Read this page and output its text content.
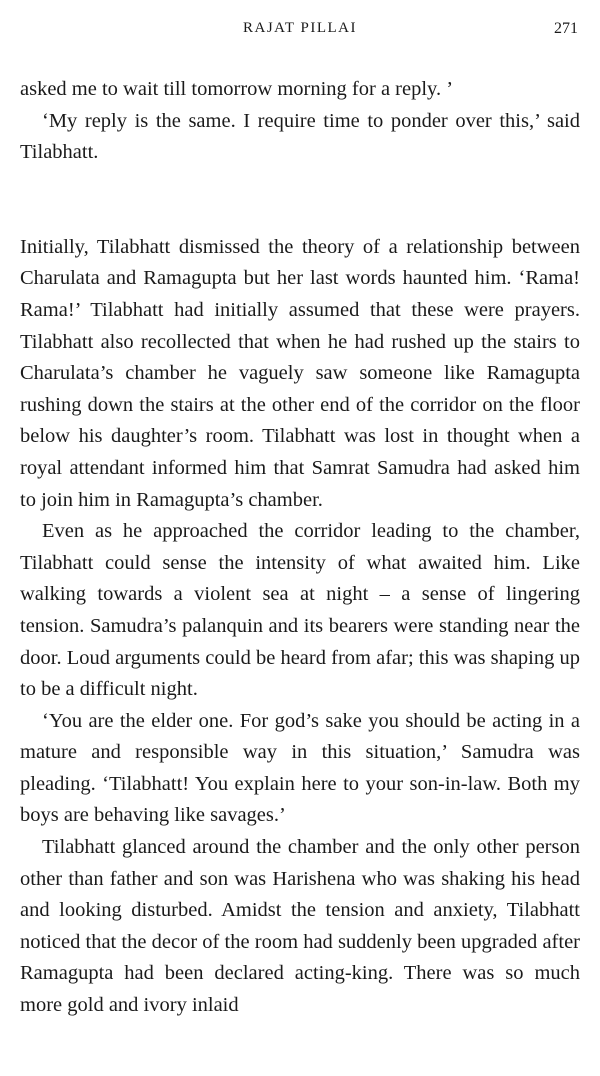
RAJAT PILLAI	271

asked me to wait till tomorrow morning for a reply. ’

‘My reply is the same. I require time to ponder over this,’ said Tilabhatt.

Initially, Tilabhatt dismissed the theory of a relationship between Charulata and Ramagupta but her last words haunted him. ‘Rama! Rama!’ Tilabhatt had initially assumed that these were prayers. Tilabhatt also recollected that when he had rushed up the stairs to Charulata’s chamber he vaguely saw someone like Ramagupta rushing down the stairs at the other end of the corridor on the floor below his daughter’s room. Tilabhatt was lost in thought when a royal attendant informed him that Samrat Samudra had asked him to join him in Ramagupta’s chamber.

Even as he approached the corridor leading to the chamber, Tilabhatt could sense the intensity of what awaited him. Like walking towards a violent sea at night – a sense of lingering tension. Samudra’s palanquin and its bearers were standing near the door. Loud arguments could be heard from afar; this was shaping up to be a difficult night.

‘You are the elder one. For god’s sake you should be acting in a mature and responsible way in this situation,’ Samudra was pleading. ‘Tilabhatt! You explain here to your son-in-law. Both my boys are behaving like savages.’

Tilabhatt glanced around the chamber and the only other person other than father and son was Harishena who was shaking his head and looking disturbed. Amidst the tension and anxiety, Tilabhatt noticed that the decor of the room had suddenly been upgraded after Ramagupta had been declared acting-king. There was so much more gold and ivory inlaid
